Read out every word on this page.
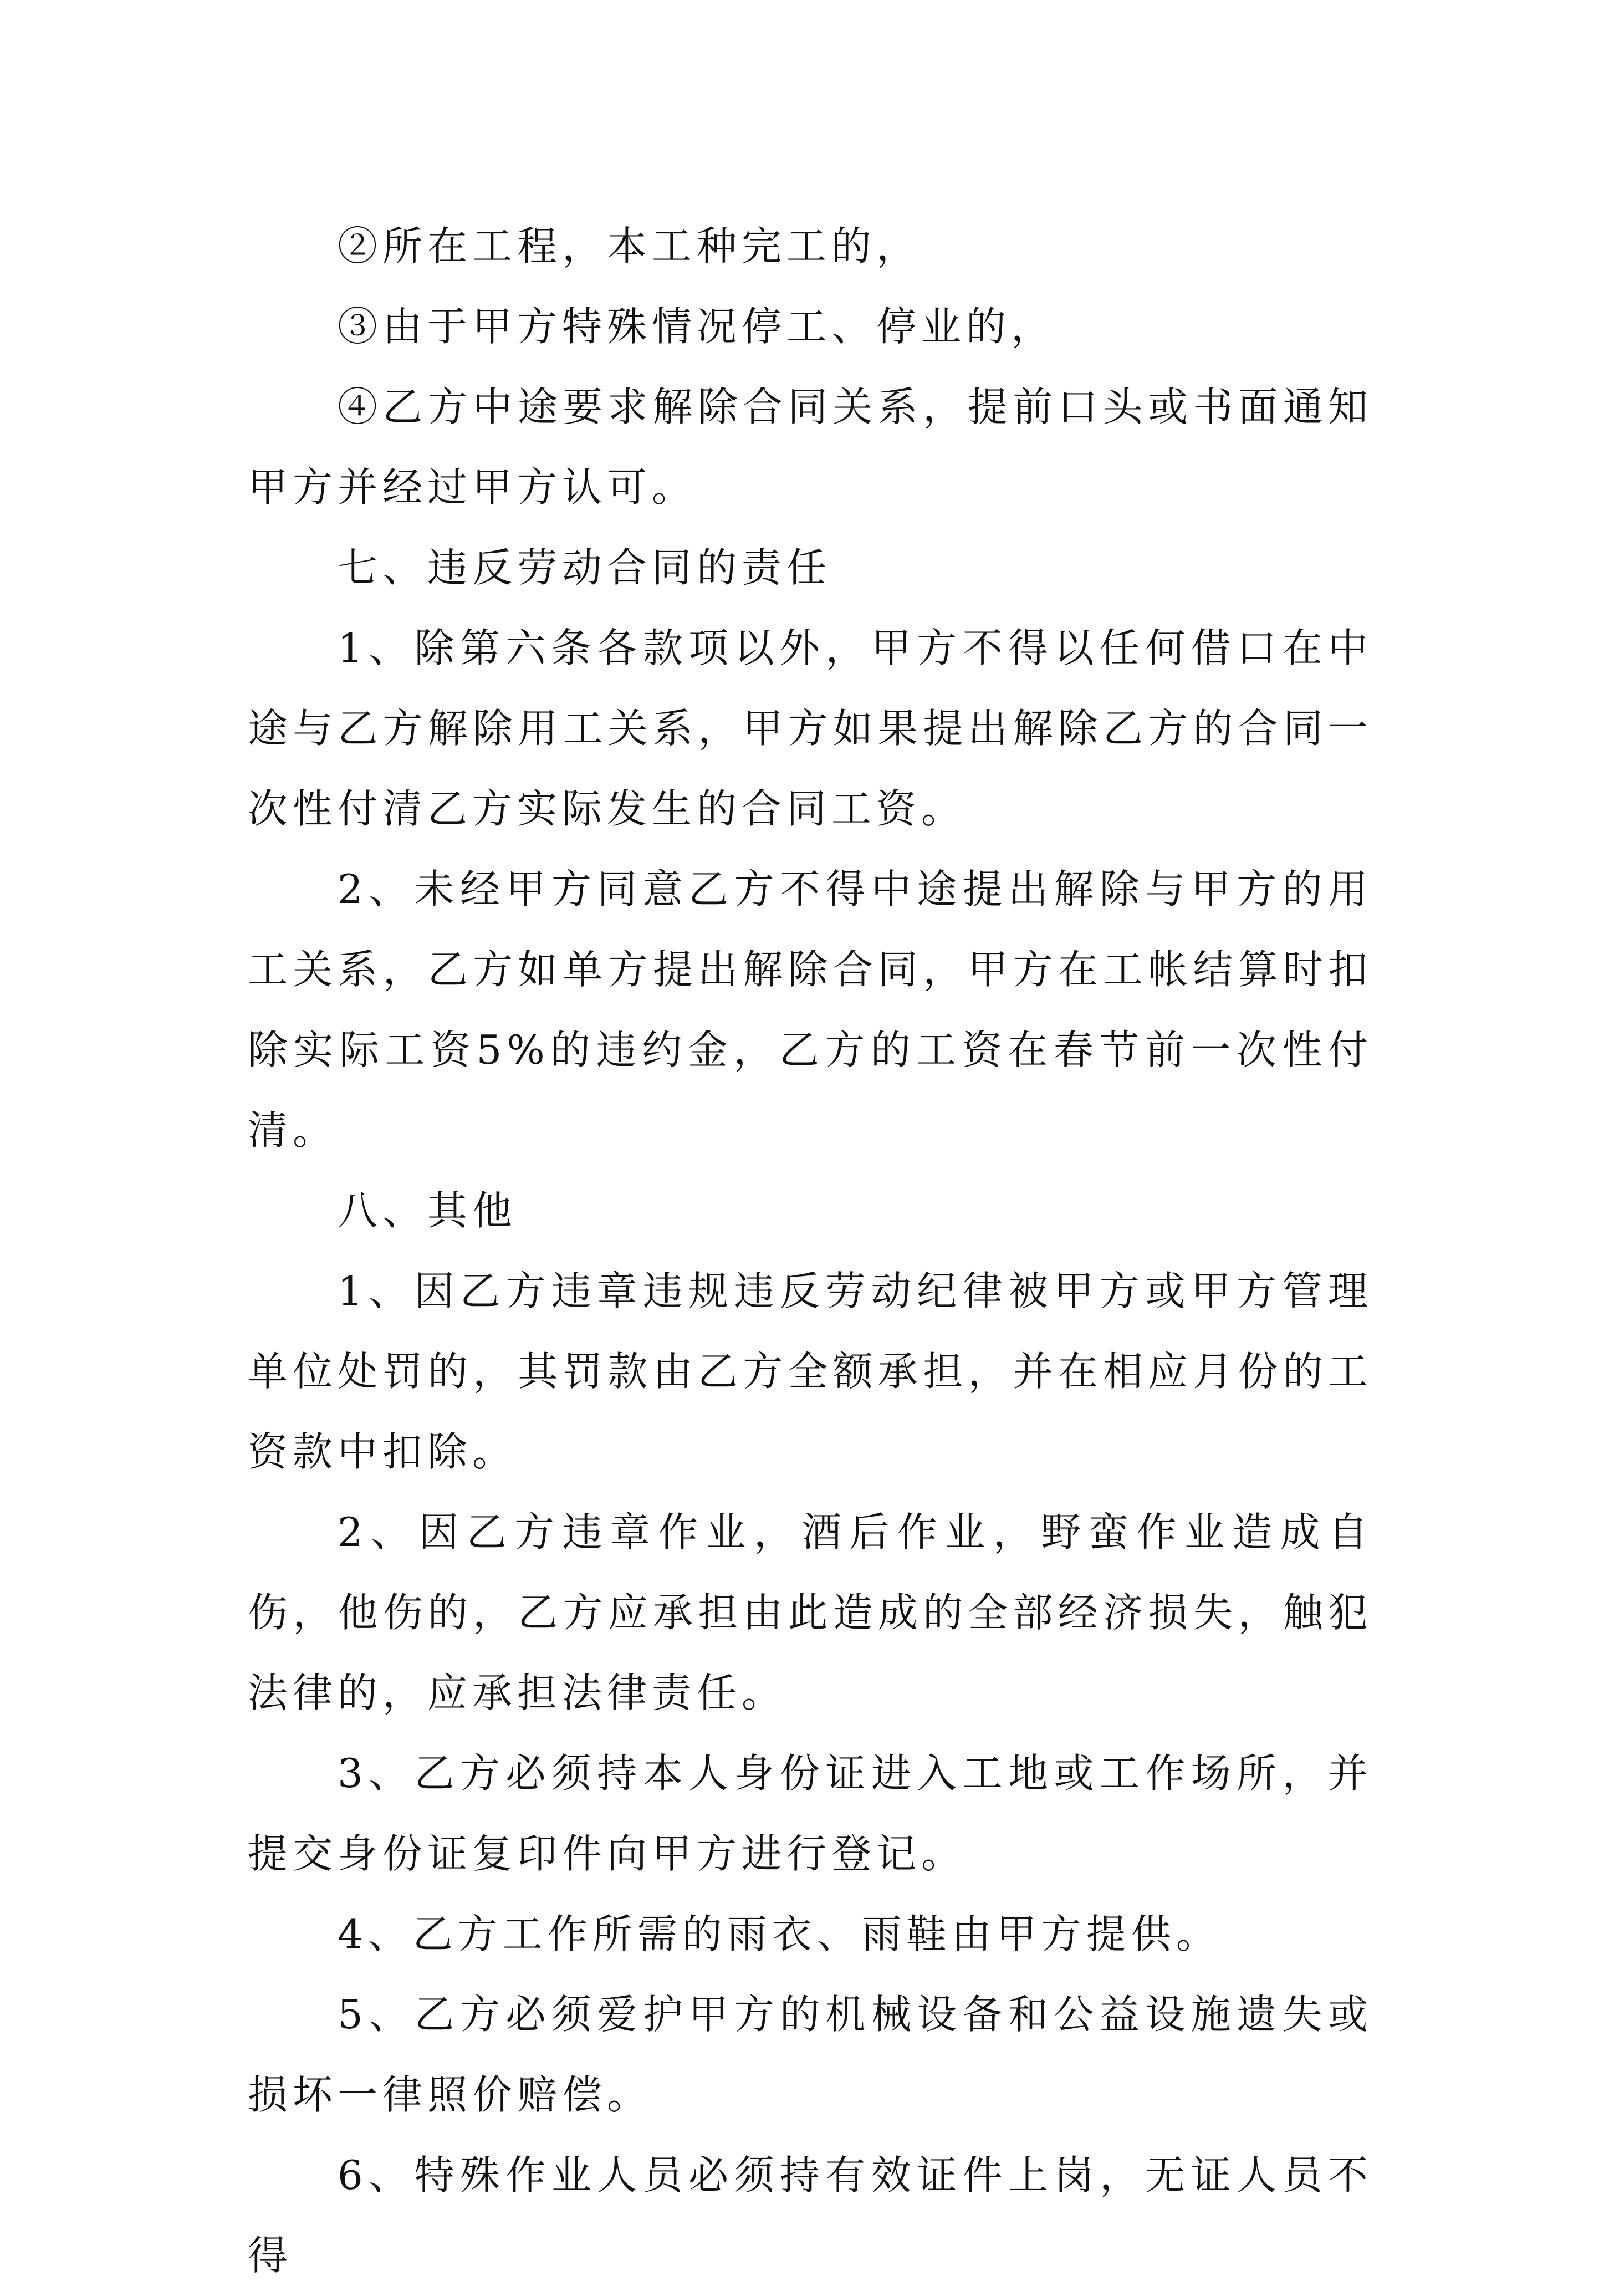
②所在工程，本工种完工的，

③由于甲方特殊情况停工、停业的，

④乙方中途要求解除合同关系，提前口头或书面通知甲方并经过甲方认可。

七、违反劳动合同的责任

1、除第六条各款项以外，甲方不得以任何借口在中途与乙方解除用工关系，甲方如果提出解除乙方的合同一次性付清乙方实际发生的合同工资。

2、未经甲方同意乙方不得中途提出解除与甲方的用工关系，乙方如单方提出解除合同，甲方在工帐结算时扣除实际工资5%的违约金，乙方的工资在春节前一次性付清。

八、其他

1、因乙方违章违规违反劳动纪律被甲方或甲方管理单位处罚的，其罚款由乙方全额承担，并在相应月份的工资款中扣除。

2、因乙方违章作业，酒后作业，野蛮作业造成自伤，他伤的，乙方应承担由此造成的全部经济损失，触犯法律的，应承担法律责任。

3、乙方必须持本人身份证进入工地或工作场所，并提交身份证复印件向甲方进行登记。

4、乙方工作所需的雨衣、雨鞋由甲方提供。

5、乙方必须爱护甲方的机械设备和公益设施遗失或损坏一律照价赔偿。

6、特殊作业人员必须持有效证件上岗，无证人员不得
